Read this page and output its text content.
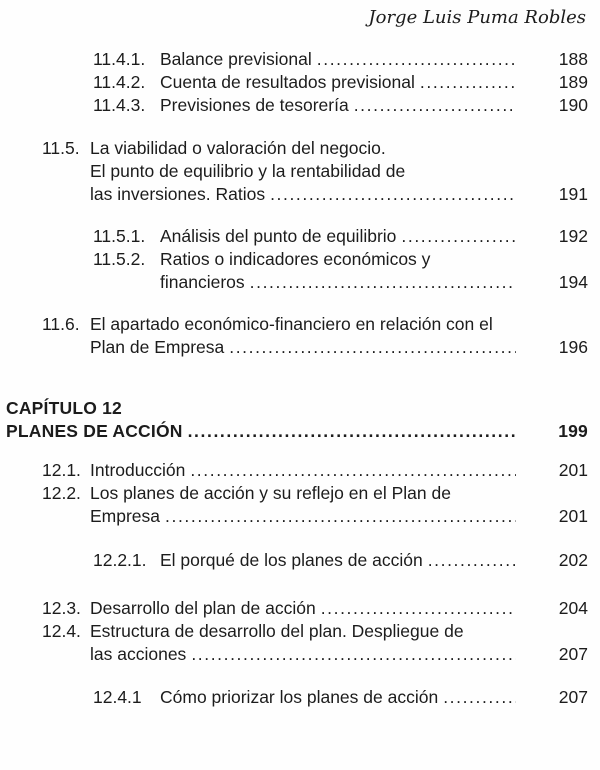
Jorge Luis Puma Robles
11.4.1. Balance previsional .....	188
11.4.2. Cuenta de resultados previsional .....	189
11.4.3. Previsiones de tesorería .....	190
11.5. La viabilidad o valoración del negocio.
El punto de equilibrio y la rentabilidad de
las inversiones. Ratios .....	191
11.5.1. Análisis del punto de equilibrio .....	192
11.5.2. Ratios o indicadores económicos y
financieros .....	194
11.6. El apartado económico-financiero en relación con el
Plan de Empresa .....	196
CAPÍTULO 12
PLANES DE ACCIÓN .....	199
12.1. Introducción .....	201
12.2. Los planes de acción y su reflejo en el Plan de
Empresa .....	201
12.2.1. El porqué de los planes de acción .....	202
12.3. Desarrollo del plan de acción .....	204
12.4. Estructura de desarrollo del plan. Despliegue de
las acciones .....	207
12.4.1	Cómo priorizar los planes de acción .....	207
